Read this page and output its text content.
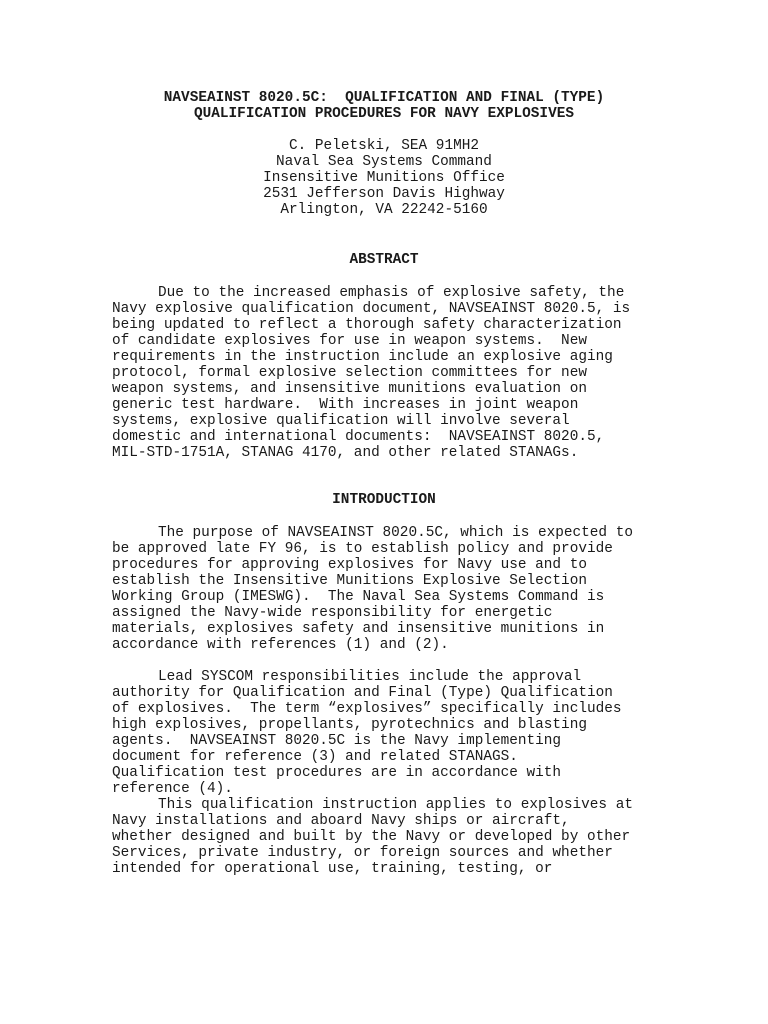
NAVSEAINST 8020.5C:  QUALIFICATION AND FINAL (TYPE)
QUALIFICATION PROCEDURES FOR NAVY EXPLOSIVES
C. Peletski, SEA 91MH2
Naval Sea Systems Command
Insensitive Munitions Office
2531 Jefferson Davis Highway
Arlington, VA 22242-5160
ABSTRACT
Due to the increased emphasis of explosive safety, the
Navy explosive qualification document, NAVSEAINST 8020.5, is
being updated to reflect a thorough safety characterization
of candidate explosives for use in weapon systems.  New
requirements in the instruction include an explosive aging
protocol, formal explosive selection committees for new
weapon systems, and insensitive munitions evaluation on
generic test hardware.  With increases in joint weapon
systems, explosive qualification will involve several
domestic and international documents:  NAVSEAINST 8020.5,
MIL-STD-1751A, STANAG 4170, and other related STANAGs.
INTRODUCTION
The purpose of NAVSEAINST 8020.5C, which is expected to
be approved late FY 96, is to establish policy and provide
procedures for approving explosives for Navy use and to
establish the Insensitive Munitions Explosive Selection
Working Group (IMESWG).  The Naval Sea Systems Command is
assigned the Navy-wide responsibility for energetic
materials, explosives safety and insensitive munitions in
accordance with references (1) and (2).
Lead SYSCOM responsibilities include the approval
authority for Qualification and Final (Type) Qualification
of explosives.  The term “explosives” specifically includes
high explosives, propellants, pyrotechnics and blasting
agents.  NAVSEAINST 8020.5C is the Navy implementing
document for reference (3) and related STANAGS.
Qualification test procedures are in accordance with
reference (4).
This qualification instruction applies to explosives at
Navy installations and aboard Navy ships or aircraft,
whether designed and built by the Navy or developed by other
Services, private industry, or foreign sources and whether
intended for operational use, training, testing, or
